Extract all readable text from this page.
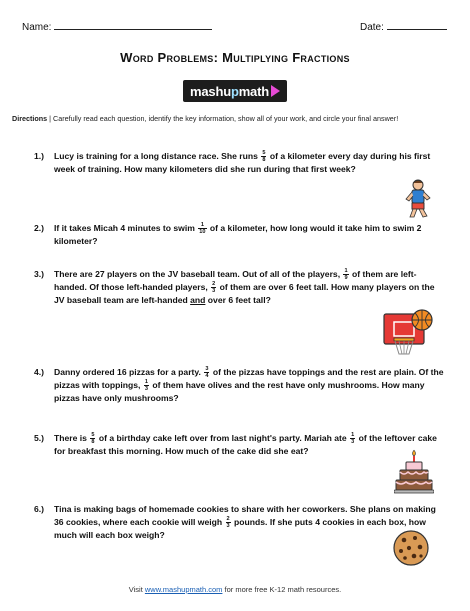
Name:	Date:
Word Problems: Multiplying Fractions
mashupmath
Directions | Carefully read each question, identify the key information, show all of your work, and circle your final answer!
1.) Lucy is training for a long distance race. She runs $\frac{5}{8}$ of a kilometer every day during his first week of training. How many kilometers did she run during that first week?
2.) If it takes Micah 4 minutes to swim $\frac{1}{10}$ of a kilometer, how long would it take him to swim 2 kilometer?
3.) There are 27 players on the JV baseball team. Out of all of the players, $\frac{1}{9}$ of them are left-handed. Of those left-handed players, $\frac{2}{3}$ of them are over 6 feet tall. How many players on the JV baseball team are left-handed and over 6 feet tall?
4.) Danny ordered 16 pizzas for a party. $\frac{3}{4}$ of the pizzas have toppings and the rest are plain. Of the pizzas with toppings, $\frac{1}{3}$ of them have olives and the rest have only mushrooms. How many pizzas have only mushrooms?
5.) There is $\frac{5}{8}$ of a birthday cake left over from last night's party. Mariah ate $\frac{1}{3}$ of the leftover cake for breakfast this morning. How much of the cake did she eat?
6.) Tina is making bags of homemade cookies to share with her coworkers. She plans on making 36 cookies, where each cookie will weigh $\frac{2}{3}$ pounds. If she puts 4 cookies in each box, how much will each box weigh?
Visit www.mashupmath.com for more free K-12 math resources.
